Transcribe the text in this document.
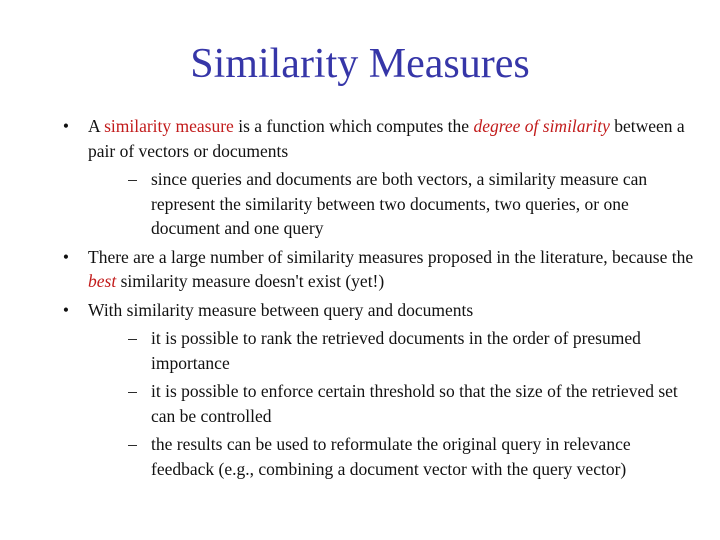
Similarity Measures
•	A similarity measure is a function which computes the degree of similarity between a pair of vectors or documents
– since queries and documents are both vectors, a similarity measure can represent the similarity between two documents, two queries, or one document and one query
•	There are a large number of similarity measures proposed in the literature, because the best similarity measure doesn't exist (yet!)
•	With similarity measure between query and documents
– it is possible to rank the retrieved documents in the order of presumed importance
– it is possible to enforce certain threshold so that the size of the retrieved set can be controlled
– the results can be used to reformulate the original query in relevance feedback (e.g., combining a document vector with the query vector)
